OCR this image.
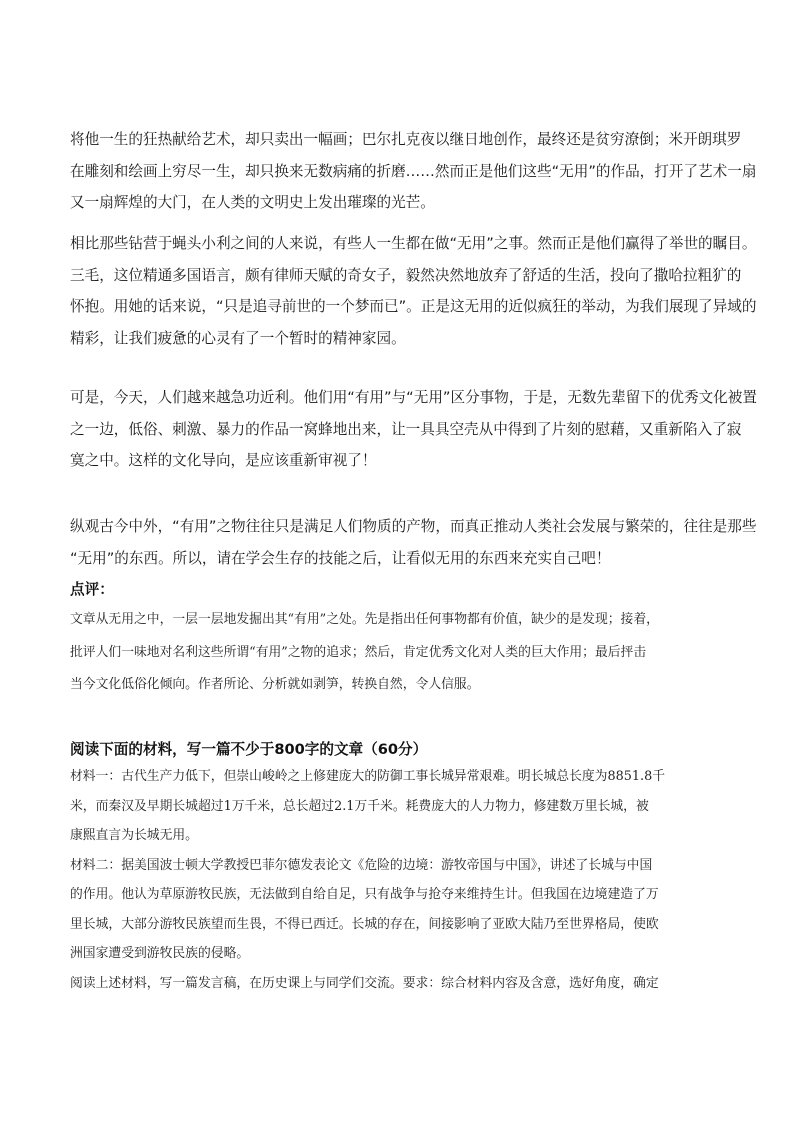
将他一生的狂热献给艺术，却只卖出一幅画；巴尔扎克夜以继日地创作，最终还是贫穷潦倒；米开朗琪罗
在雕刻和绘画上穷尽一生，却只换来无数病痛的折磨……然而正是他们这些“无用”的作品，打开了艺术一扇
又一扇辉煌的大门，在人类的文明史上发出璀璨的光芒。
相比那些钻营于蝇头小利之间的人来说，有些人一生都在做“无用”之事。然而正是他们赢得了举世的瞩目。
三毛，这位精通多国语言，颇有律师天赋的奇女子，毅然决然地放弃了舒适的生活，投向了撒哈拉粗犷的
怀抱。用她的话来说，“只是追寻前世的一个梦而已”。正是这无用的近似疯狂的举动，为我们展现了异域的
精彩，让我们疲惫的心灵有了一个暂时的精神家园。
可是，今天，人们越来越急功近利。他们用“有用”与“无用”区分事物，于是，无数先辈留下的优秀文化被置
之一边，低俗、刺激、暴力的作品一窝蜂地出来，让一具具空壳从中得到了片刻的慰藉，又重新陷入了寂
寞之中。这样的文化导向，是应该重新审视了！
纵观古今中外，“有用”之物往往只是满足人们物质的产物，而真正推动人类社会发展与繁荣的，往往是那些
“无用”的东西。所以，请在学会生存的技能之后，让看似无用的东西来充实自己吧！
点评：
文章从无用之中，一层一层地发掘出其“有用”之处。先是指出任何事物都有价值，缺少的是发现；接着，
批评人们一味地对名利这些所谓“有用”之物的追求；然后，肯定优秀文化对人类的巨大作用；最后抨击
当今文化低俗化倾向。作者所论、分析就如剥笋，转换自然，令人信服。
阅读下面的材料，写一篇不少于800字的文章（60分）
材料一：古代生产力低下，但崇山峻岭之上修建庞大的防御工事长城异常艰难。明长城总长度为8851.8千
米，而秦汉及早期长城超过1万千米，总长超过2.1万千米。耗费庞大的人力物力，修建数万里长城，被
康熙直言为长城无用。
材料二：据美国波士顿大学教授巴菲尔德发表论文《危险的边境：游牧帝国与中国》，讲述了长城与中国
的作用。他认为草原游牧民族，无法做到自给自足，只有战争与抢夺来维持生计。但我国在边境建造了万
里长城，大部分游牧民族望而生畏，不得已西迁。长城的存在，间接影响了亚欧大陆乃至世界格局，使欧
洲国家遭受到游牧民族的侵略。
阅读上述材料，写一篇发言稿，在历史课上与同学们交流。要求：综合材料内容及含意，选好角度，确定
